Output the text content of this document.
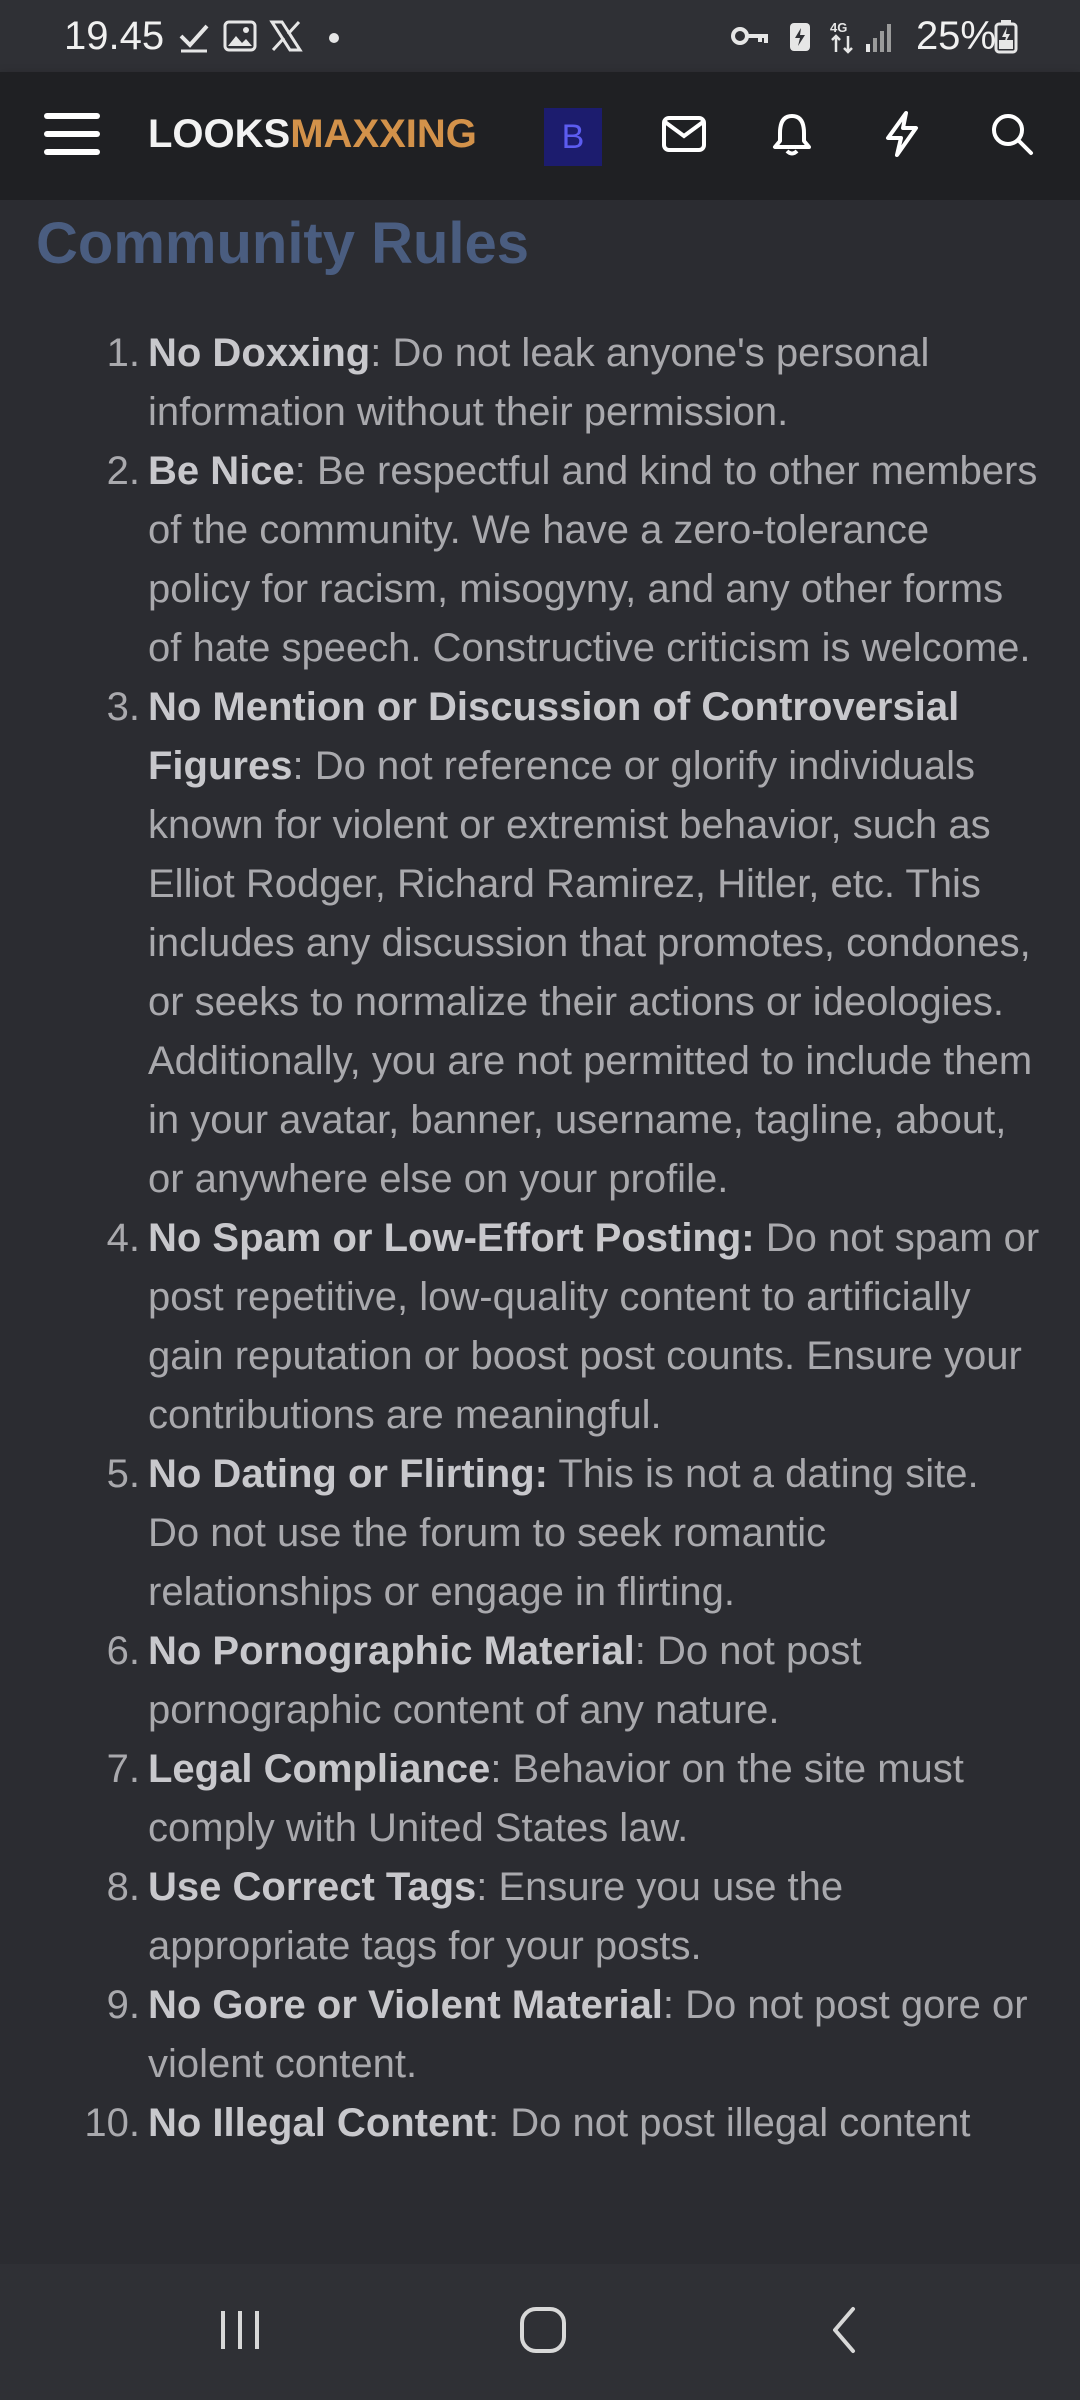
19.45	4G 25%
LOOKSMAXXING B
Community Rules
1. No Doxxing: Do not leak anyone's personal information without their permission.
2. Be Nice: Be respectful and kind to other members of the community. We have a zero-tolerance policy for racism, misogyny, and any other forms of hate speech. Constructive criticism is welcome.
3. No Mention or Discussion of Controversial Figures: Do not reference or glorify individuals known for violent or extremist behavior, such as Elliot Rodger, Richard Ramirez, Hitler, etc. This includes any discussion that promotes, condones, or seeks to normalize their actions or ideologies. Additionally, you are not permitted to include them in your avatar, banner, username, tagline, about, or anywhere else on your profile.
4. No Spam or Low-Effort Posting: Do not spam or post repetitive, low-quality content to artificially gain reputation or boost post counts. Ensure your contributions are meaningful.
5. No Dating or Flirting: This is not a dating site. Do not use the forum to seek romantic relationships or engage in flirting.
6. No Pornographic Material: Do not post pornographic content of any nature.
7. Legal Compliance: Behavior on the site must comply with United States law.
8. Use Correct Tags: Ensure you use the appropriate tags for your posts.
9. No Gore or Violent Material: Do not post gore or violent content.
10. No Illegal Content: Do not post illegal content
